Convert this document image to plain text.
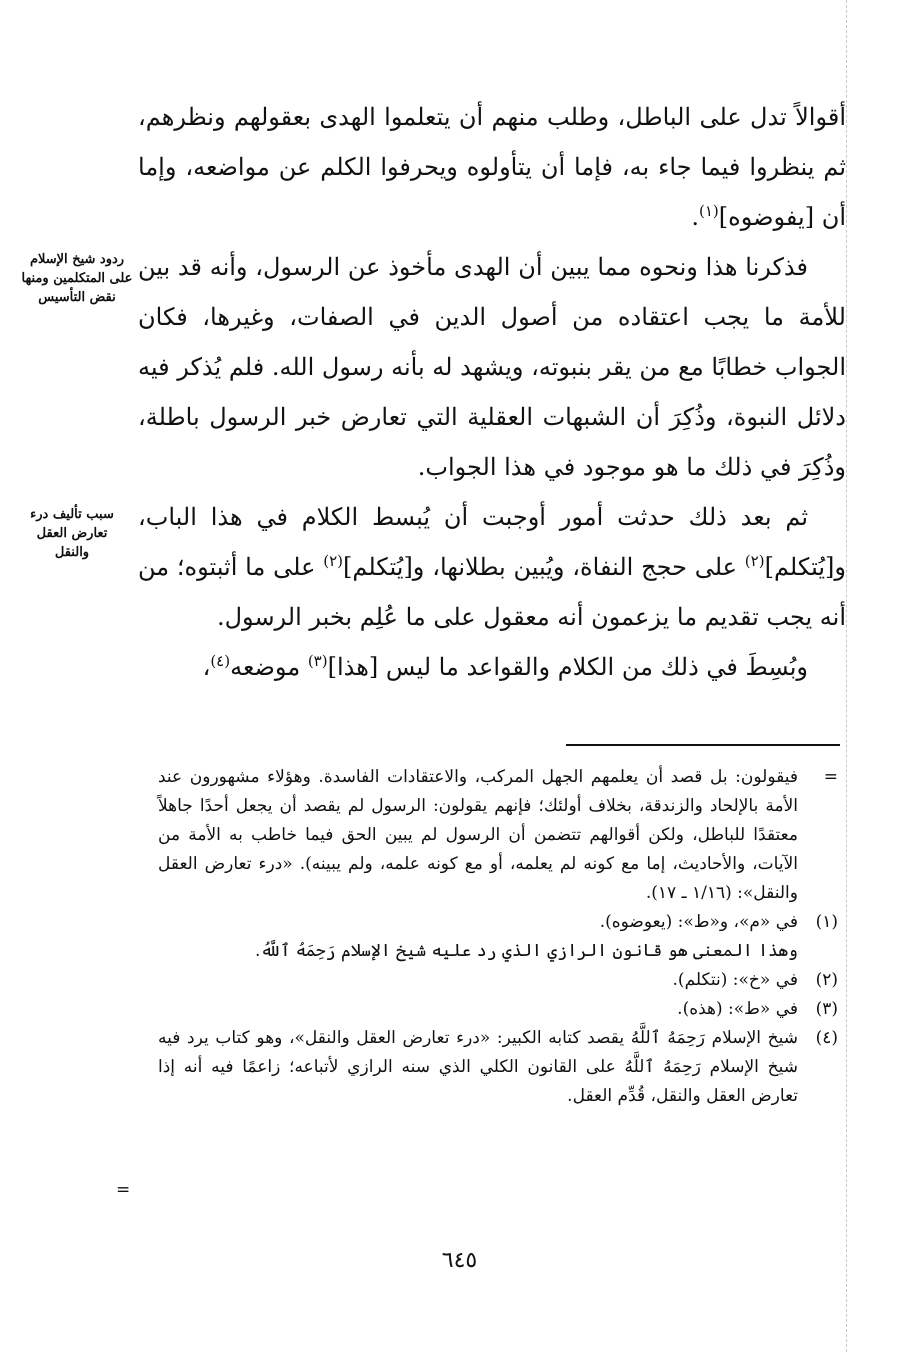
أقوالاً تدل على الباطل، وطلب منهم أن يتعلموا الهدى بعقولهم ونظرهم، ثم ينظروا فيما جاء به، فإما أن يتأولوه ويحرفوا الكلم عن مواضعه، وإما أن [يفوضوه]$^{(١)}$.

فذكرنا هذا ونحوه مما يبين أن الهدى مأخوذ عن الرسول، وأنه قد بين للأمة ما يجب اعتقاده من أصول الدين في الصفات، وغيرها، فكان الجواب خطابًا مع من يقر بنبوته، ويشهد له بأنه رسول الله. فلم يُذكر فيه دلائل النبوة، وذُكِرَ أن الشبهات العقلية التي تعارض خبر الرسول باطلة، وذُكِرَ في ذلك ما هو موجود في هذا الجواب.

ثم بعد ذلك حدثت أمور أوجبت أن يُبسط الكلام في هذا الباب، و[يُتكلم]$^{(٢)}$ على حجج النفاة، ويُبين بطلانها، و[يُتكلم]$^{(٢)}$ على ما أثبتوه؛ من أنه يجب تقديم ما يزعمون أنه معقول على ما عُلِم بخبر الرسول.

وبُسِطَ في ذلك من الكلام والقواعد ما ليس [هذا]$^{(٣)}$ موضعه$^{(٤)}$،

ردود شيخ الإسلام على المتكلمين ومنها نقض التأسيس
سبب تأليف درء تعارض العقل والنقل
=
فيقولون: بل قصد أن يعلمهم الجهل المركب، والاعتقادات الفاسدة. وهؤلاء مشهورون عند الأمة بالإلحاد والزندقة، بخلاف أولئك؛ فإنهم يقولون: الرسول لم يقصد أن يجعل أحدًا جاهلاً معتقدًا للباطل، ولكن أقوالهم تتضمن أن الرسول لم يبين الحق فيما خاطب به الأمة من الآيات، والأحاديث، إما مع كونه لم يعلمه، أو مع كونه علمه، ولم يبينه). «درء تعارض العقل والنقل»: (١/١٦ ـ ١٧).
(١)
في «م»، و«ط»: (يعوضوه).
وهذا المعنى هو قانون الرازي الذي رد عليه شيخ الإسلام رَحِمَهُ ٱللَّهُ.
(٢)
في «خ»: (نتكلم).
(٣)
في «ط»: (هذه).
(٤)
شيخ الإسلام رَحِمَهُ ٱللَّهُ يقصد كتابه الكبير: «درء تعارض العقل والنقل»، وهو كتاب يرد فيه شيخ الإسلام رَحِمَهُ ٱللَّهُ على القانون الكلي الذي سنه الرازي لأتباعه؛ زاعمًا فيه أنه إذا تعارض العقل والنقل، قُدِّم العقل.
=
٦٤٥
